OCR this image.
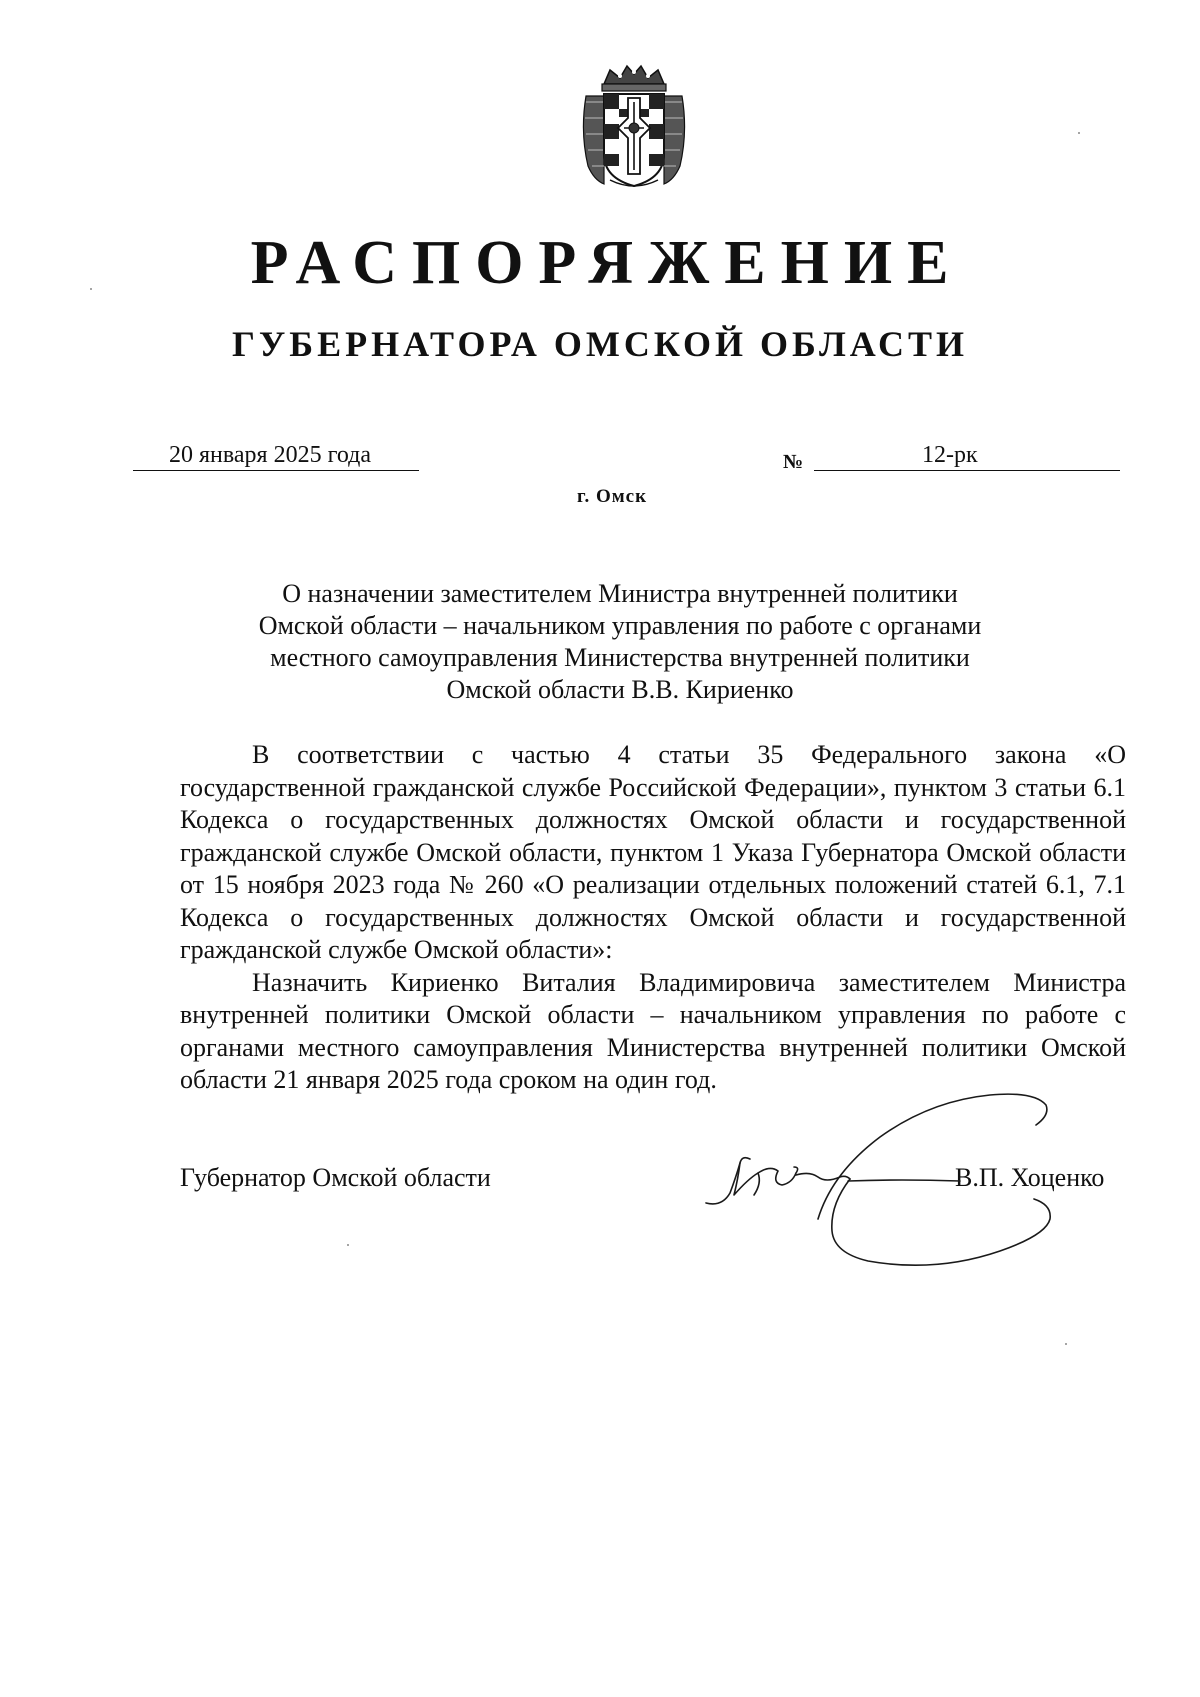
РАСПОРЯЖЕНИЕ
ГУБЕРНАТОРА ОМСКОЙ ОБЛАСТИ
20 января 2025 года	№	12-рк
г. Омск
О назначении заместителем Министра внутренней политики
Омской области – начальником управления по работе с органами
местного самоуправления Министерства внутренней политики
Омской области В.В. Кириенко

В соответствии с частью 4 статьи 35 Федерального закона «О государственной гражданской службе Российской Федерации», пунктом 3 статьи 6.1 Кодекса о государственных должностях Омской области и государственной гражданской службе Омской области, пунктом 1 Указа Губернатора Омской области от 15 ноября 2023 года № 260 «О реализации отдельных положений статей 6.1, 7.1 Кодекса о государственных должностях Омской области и государственной гражданской службе Омской области»:

Назначить Кириенко Виталия Владимировича заместителем Министра внутренней политики Омской области – начальником управления по работе с органами местного самоуправления Министерства внутренней политики Омской области 21 января 2025 года сроком на один год.

Губернатор Омской области	В.П. Хоценко
